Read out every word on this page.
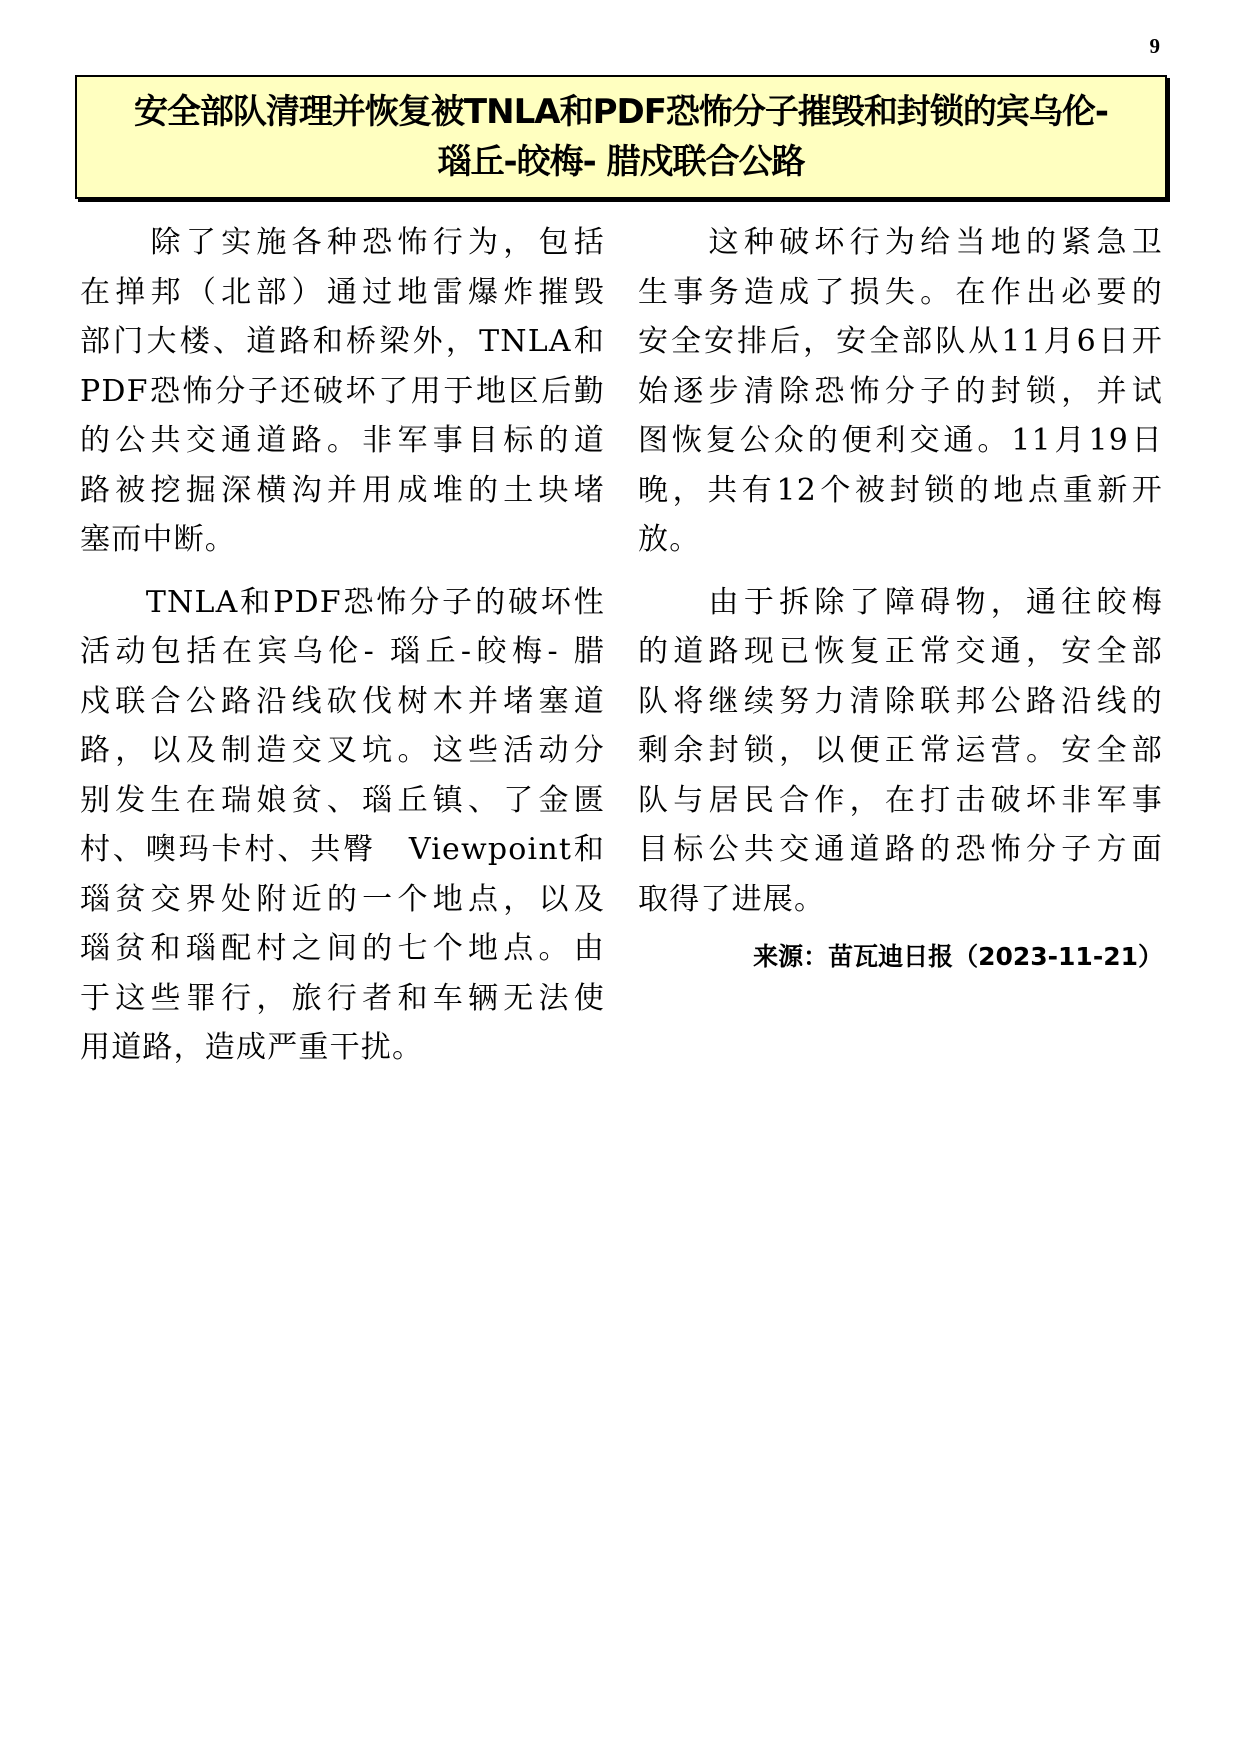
9
安全部队清理并恢复被TNLA和PDF恐怖分子摧毁和封锁的宾乌伦-
瑙丘-皎梅- 腊戍联合公路

　　除了实施各种恐怖行为，包括
在掸邦（北部）通过地雷爆炸摧毁
部门大楼、道路和桥梁外，TNLA和
PDF恐怖分子还破坏了用于地区后勤
的公共交通道路。非军事目标的道
路被挖掘深横沟并用成堆的土块堵
塞而中断。

　　TNLA和PDF恐怖分子的破坏性
活动包括在宾乌伦- 瑙丘-皎梅- 腊
戍联合公路沿线砍伐树木并堵塞道
路，以及制造交叉坑。这些活动分
别发生在瑞娘贫、瑙丘镇、了金匮
村、噢玛卡村、共臀　Viewpoint和
瑙贫交界处附近的一个地点，以及
瑙贫和瑙配村之间的七个地点。由
于这些罪行，旅行者和车辆无法使
用道路，造成严重干扰。

　　这种破坏行为给当地的紧急卫
生事务造成了损失。在作出必要的
安全安排后，安全部队从11月6日开
始逐步清除恐怖分子的封锁，并试
图恢复公众的便利交通。11月19日
晚，共有12个被封锁的地点重新开
放。

　　由于拆除了障碍物，通往皎梅
的道路现已恢复正常交通，安全部
队将继续努力清除联邦公路沿线的
剩余封锁，以便正常运营。安全部
队与居民合作，在打击破坏非军事
目标公共交通道路的恐怖分子方面
取得了进展。

来源：苗瓦迪日报（2023-11-21）
